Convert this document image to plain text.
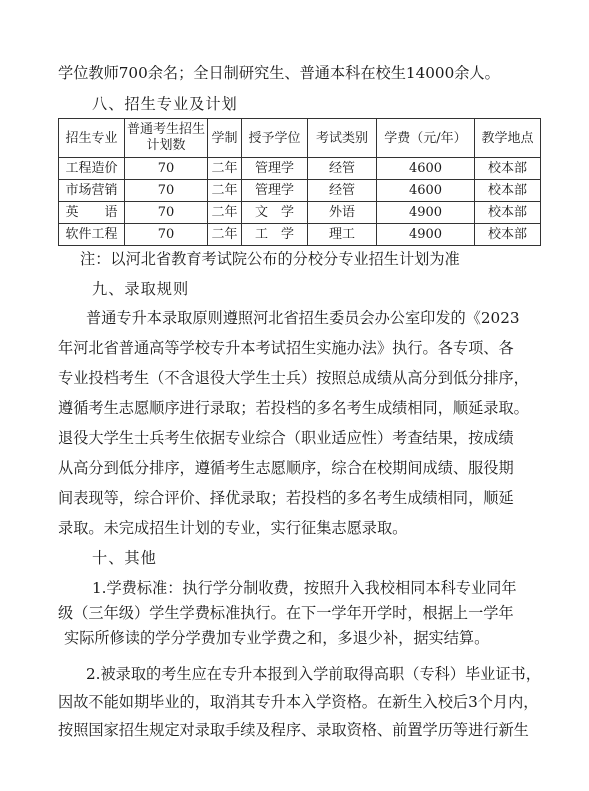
学位教师700余名；全日制研究生、普通本科在校生14000余人。
八、招生专业及计划
招生专业	普通考生招生计划数	学制	授予学位	考试类别	学费（元/年）	教学地点
工程造价	70	二年	管理学	经管	4600	校本部
市场营销	70	二年	管理学	经管	4600	校本部
英　　语	70	二年	文　学	外语	4900	校本部
软件工程	70	二年	工　学	理工	4900	校本部
注：以河北省教育考试院公布的分校分专业招生计划为准
九、录取规则
普通专升本录取原则遵照河北省招生委员会办公室印发的《2023
年河北省普通高等学校专升本考试招生实施办法》执行。各专项、各
专业投档考生（不含退役大学生士兵）按照总成绩从高分到低分排序，
遵循考生志愿顺序进行录取；若投档的多名考生成绩相同，顺延录取。
退役大学生士兵考生依据专业综合（职业适应性）考查结果，按成绩
从高分到低分排序，遵循考生志愿顺序，综合在校期间成绩、服役期
间表现等，综合评价、择优录取；若投档的多名考生成绩相同，顺延
录取。未完成招生计划的专业，实行征集志愿录取。
十、其他
1.学费标准：执行学分制收费，按照升入我校相同本科专业同年
级（三年级）学生学费标准执行。在下一学年开学时，根据上一学年
实际所修读的学分学费加专业学费之和，多退少补，据实结算。
2.被录取的考生应在专升本报到入学前取得高职（专科）毕业证书，
因故不能如期毕业的，取消其专升本入学资格。在新生入校后3个月内，
按照国家招生规定对录取手续及程序、录取资格、前置学历等进行新生
